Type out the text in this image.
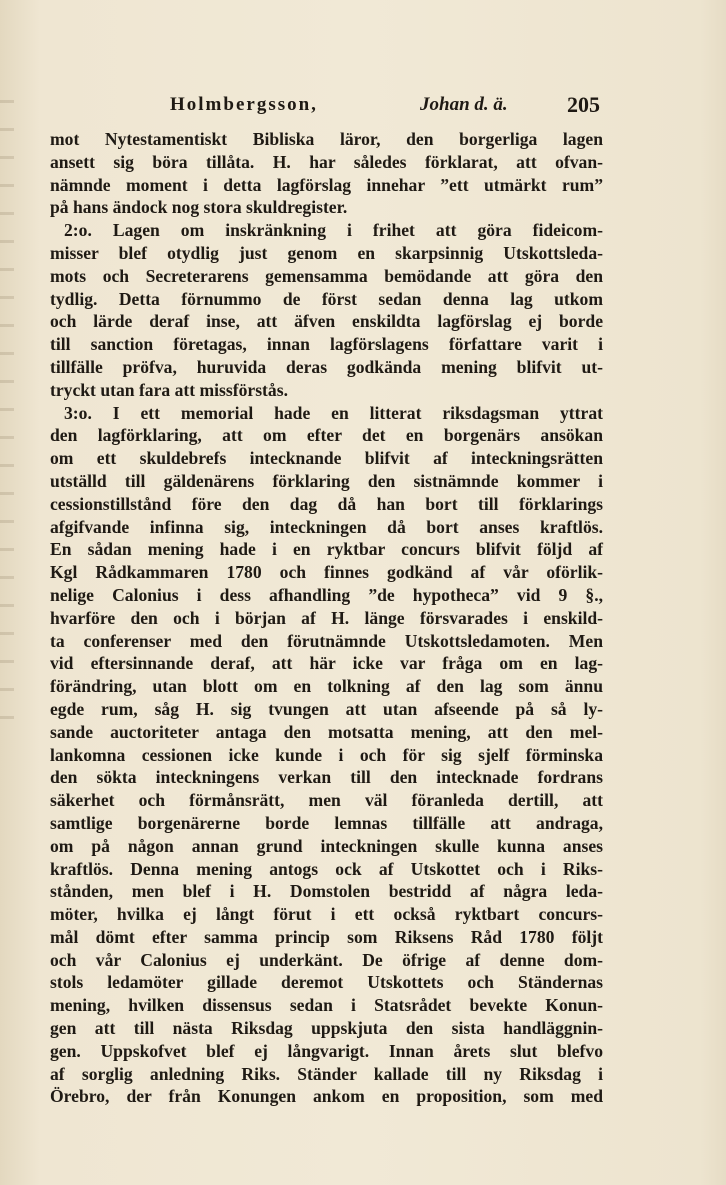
Holmbergsson,	Johan d. ä.	205
mot Nytestamentiskt Bibliska läror, den borgerliga lagen
ansett sig böra tillåta. H. har således förklarat, att ofvan-
nämnde moment i detta lagförslag innehar ”ett utmärkt rum”
på hans ändock nog stora skuldregister.
2:o. Lagen om inskränkning i frihet att göra fideicom-
misser blef otydlig just genom en skarpsinnig Utskottsleda-
mots och Secreterarens gemensamma bemödande att göra den
tydlig. Detta förnummo de först sedan denna lag utkom
och lärde deraf inse, att äfven enskildta lagförslag ej borde
till sanction företagas, innan lagförslagens författare varit i
tillfälle pröfva, huruvida deras godkända mening blifvit ut-
tryckt utan fara att missförstås.
3:o. I ett memorial hade en litterat riksdagsman yttrat
den lagförklaring, att om efter det en borgenärs ansökan
om ett skuldebrefs intecknande blifvit af inteckningsrätten
utställd till gäldenärens förklaring den sistnämnde kommer i
cessionstillstånd före den dag då han bort till förklarings
afgifvande infinna sig, inteckningen då bort anses kraftlös.
En sådan mening hade i en ryktbar concurs blifvit följd af
Kgl Rådkammaren 1780 och finnes godkänd af vår oförlik-
nelige Calonius i dess afhandling ”de hypotheca” vid 9 §.,
hvarföre den och i början af H. länge försvarades i enskild-
ta conferenser med den förutnämnde Utskottsledamoten. Men
vid eftersinnande deraf, att här icke var fråga om en lag-
förändring, utan blott om en tolkning af den lag som ännu
egde rum, såg H. sig tvungen att utan afseende på så ly-
sande auctoriteter antaga den motsatta mening, att den mel-
lankomna cessionen icke kunde i och för sig sjelf förminska
den sökta inteckningens verkan till den intecknade fordrans
säkerhet och förmånsrätt, men väl föranleda dertill, att
samtlige borgenärerne borde lemnas tillfälle att andraga,
om på någon annan grund inteckningen skulle kunna anses
kraftlös. Denna mening antogs ock af Utskottet och i Riks-
stånden, men blef i H. Domstolen bestridd af några leda-
möter, hvilka ej långt förut i ett också ryktbart concurs-
mål dömt efter samma princip som Riksens Råd 1780 följt
och vår Calonius ej underkänt. De öfrige af denne dom-
stols ledamöter gillade deremot Utskottets och Ständernas
mening, hvilken dissensus sedan i Statsrådet bevekte Konun-
gen att till nästa Riksdag uppskjuta den sista handläggnin-
gen. Uppskofvet blef ej långvarigt. Innan årets slut blefvo
af sorglig anledning Riks. Ständer kallade till ny Riksdag i
Örebro, der från Konungen ankom en proposition, som med
